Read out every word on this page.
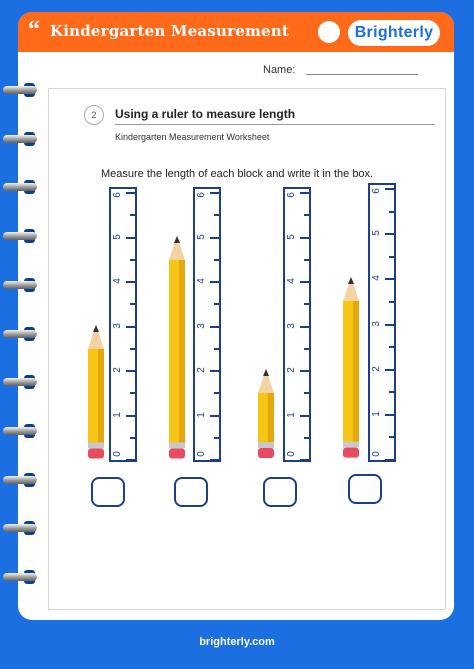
“ Kindergarten Measurement	Brighterly
Name:
2	Using a ruler to measure length
Kindergarten Measurement Worksheet
Measure the length of each block and write it in the box.
0
1
2
3
4
5
6
0
1
2
3
4
5
6
0
1
2
3
4
5
6
0
1
2
3
4
5
6
brighterly.com
